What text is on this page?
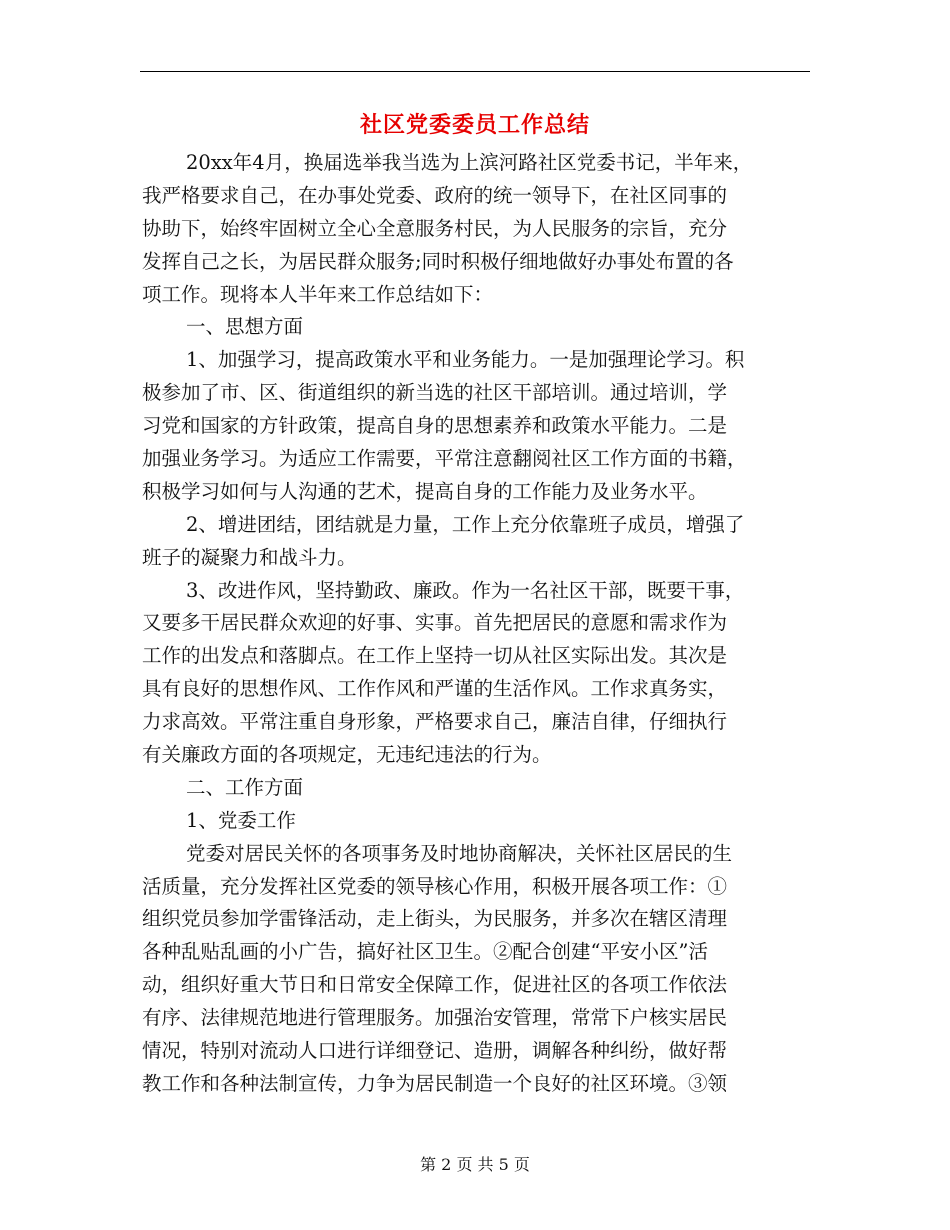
社区党委委员工作总结
20xx年4月，换届选举我当选为上滨河路社区党委书记，半年来，
我严格要求自己，在办事处党委、政府的统一领导下，在社区同事的
协助下，始终牢固树立全心全意服务村民，为人民服务的宗旨，充分
发挥自己之长，为居民群众服务;同时积极仔细地做好办事处布置的各
项工作。现将本人半年来工作总结如下：
一、思想方面
1、加强学习，提高政策水平和业务能力。一是加强理论学习。积
极参加了市、区、街道组织的新当选的社区干部培训。通过培训，学
习党和国家的方针政策，提高自身的思想素养和政策水平能力。二是
加强业务学习。为适应工作需要，平常注意翻阅社区工作方面的书籍，
积极学习如何与人沟通的艺术，提高自身的工作能力及业务水平。
2、增进团结，团结就是力量，工作上充分依靠班子成员，增强了
班子的凝聚力和战斗力。
3、改进作风，坚持勤政、廉政。作为一名社区干部，既要干事，
又要多干居民群众欢迎的好事、实事。首先把居民的意愿和需求作为
工作的出发点和落脚点。在工作上坚持一切从社区实际出发。其次是
具有良好的思想作风、工作作风和严谨的生活作风。工作求真务实，
力求高效。平常注重自身形象，严格要求自己，廉洁自律，仔细执行
有关廉政方面的各项规定，无违纪违法的行为。
二、工作方面
1、党委工作
党委对居民关怀的各项事务及时地协商解决，关怀社区居民的生
活质量，充分发挥社区党委的领导核心作用，积极开展各项工作：①
组织党员参加学雷锋活动，走上街头，为民服务，并多次在辖区清理
各种乱贴乱画的小广告，搞好社区卫生。②配合创建“平安小区”活
动，组织好重大节日和日常安全保障工作，促进社区的各项工作依法
有序、法律规范地进行管理服务。加强治安管理，常常下户核实居民
情况，特别对流动人口进行详细登记、造册，调解各种纠纷，做好帮
教工作和各种法制宣传，力争为居民制造一个良好的社区环境。③领
第 2 页 共 5 页
